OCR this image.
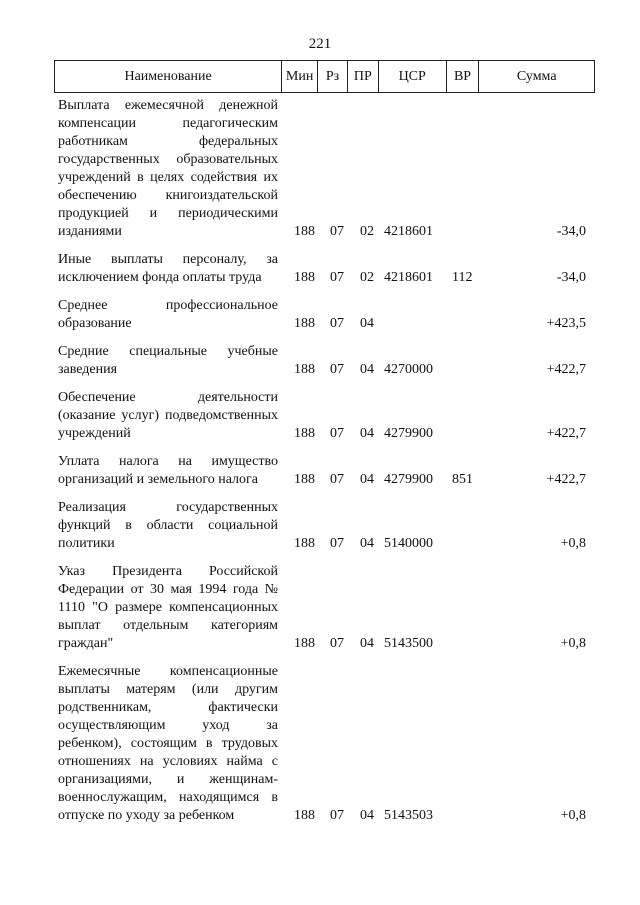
221
Наименование	Мин Рз	ПР	ЦСР	ВР	Сумма
Выплата ежемесячной денежной компенсации педагогическим работникам федеральных государственных образовательных учреждений в целях содействия их обеспечению книгоиздательской продукцией и периодическими изданиями	188 07 02 4218601	-34,0
Иные выплаты персоналу, за исключением фонда оплаты труда	188 07 02 4218601 112	-34,0
Среднее профессиональное образование	188 07 04	+423,5
Средние специальные учебные заведения	188 07 04 4270000	+422,7
Обеспечение деятельности (оказание услуг) подведомственных учреждений	188 07 04 4279900	+422,7
Уплата налога на имущество организаций и земельного налога	188 07 04 4279900 851	+422,7
Реализация государственных функций в области социальной политики	188 07 04 5140000	+0,8
Указ Президента Российской Федерации от 30 мая 1994 года № 1110 "О размере компенсационных выплат отдельным категориям граждан"	188 07 04 5143500	+0,8
Ежемесячные компенсационные выплаты матерям (или другим родственникам, фактически осуществляющим уход за ребенком), состоящим в трудовых отношениях на условиях найма с организациями, и женщинам-военнослужащим, находящимся в отпуске по уходу за ребенком	188 07 04 5143503	+0,8
